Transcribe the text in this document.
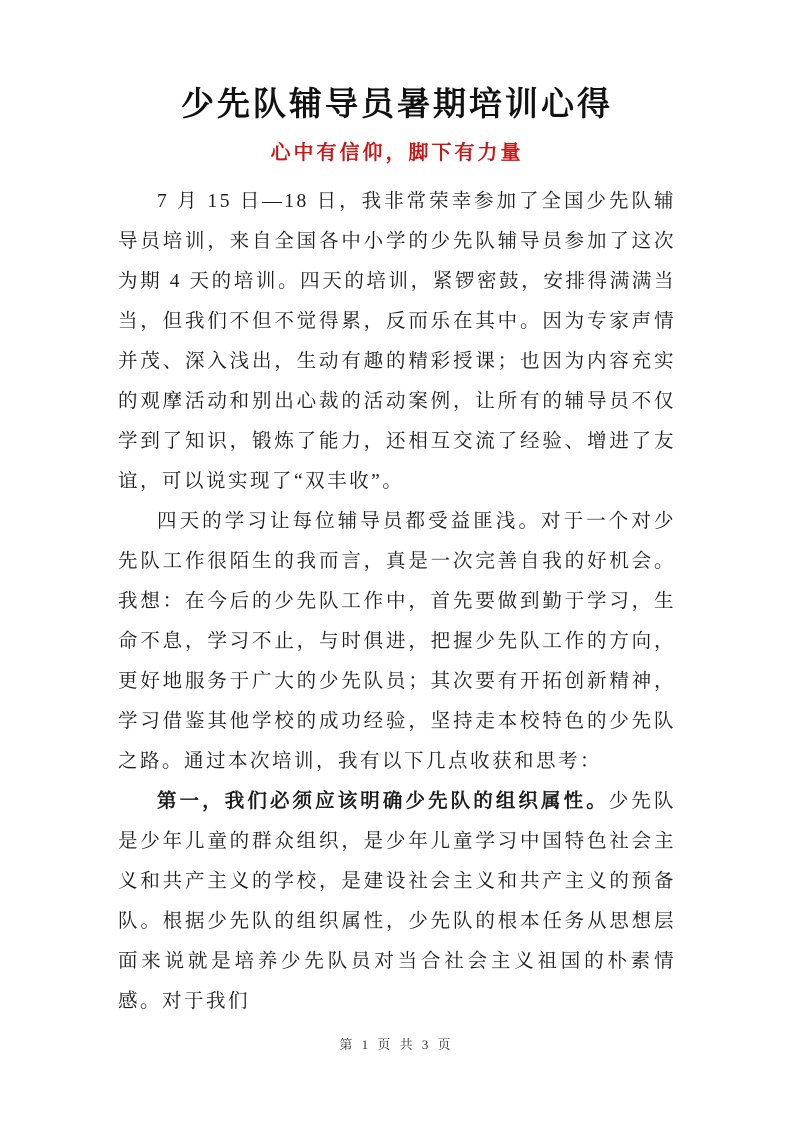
少先队辅导员暑期培训心得
心中有信仰，脚下有力量

7 月 15 日—18 日，我非常荣幸参加了全国少先队辅导员培训，来自全国各中小学的少先队辅导员参加了这次为期 4 天的培训。四天的培训，紧锣密鼓，安排得满满当当，但我们不但不觉得累，反而乐在其中。因为专家声情并茂、深入浅出，生动有趣的精彩授课；也因为内容充实的观摩活动和别出心裁的活动案例，让所有的辅导员不仅学到了知识，锻炼了能力，还相互交流了经验、增进了友谊，可以说实现了“双丰收”。

四天的学习让每位辅导员都受益匪浅。对于一个对少先队工作很陌生的我而言，真是一次完善自我的好机会。我想：在今后的少先队工作中，首先要做到勤于学习，生命不息，学习不止，与时俱进，把握少先队工作的方向，更好地服务于广大的少先队员；其次要有开拓创新精神，学习借鉴其他学校的成功经验，坚持走本校特色的少先队之路。通过本次培训，我有以下几点收获和思考：

第一，我们必须应该明确少先队的组织属性。少先队是少年儿童的群众组织，是少年儿童学习中国特色社会主义和共产主义的学校，是建设社会主义和共产主义的预备队。根据少先队的组织属性，少先队的根本任务从思想层面来说就是培养少先队员对当合社会主义祖国的朴素情感。对于我们

第 1 页 共 3 页
